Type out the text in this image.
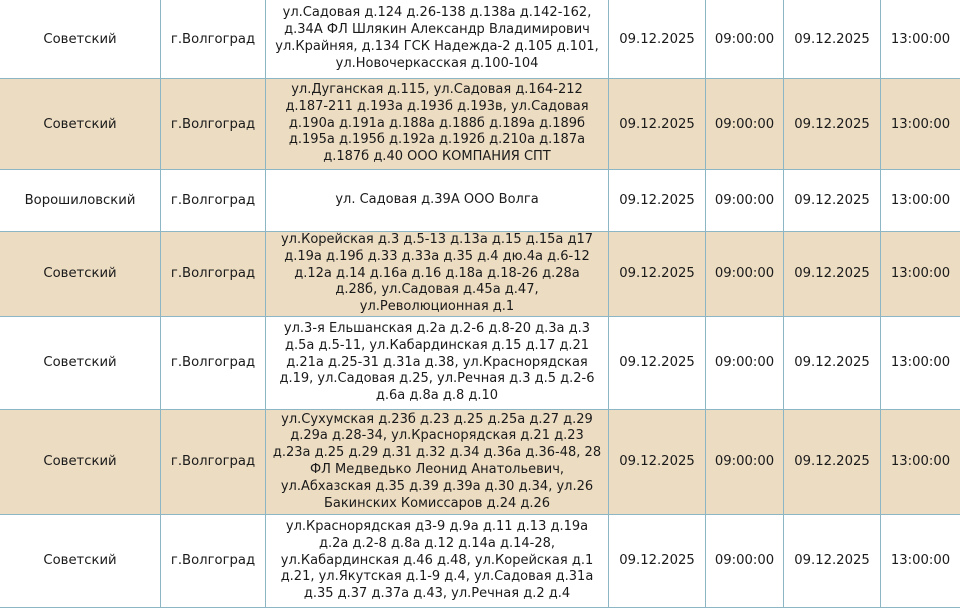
Советский	г.Волгоград	ул.Садовая д.124 д.26-138 д.138а д.142-162, д.34А ФЛ Шлякин Александр Владимирович ул.Крайняя, д.134 ГСК Надежда-2 д.105 д.101, ул.Новочеркасская д.100-104	09.12.2025	09:00:00	09.12.2025	13:00:00
Советский	г.Волгоград	ул.Дуганская д.115, ул.Садовая д.164-212 д.187-211 д.193а д.193б д.193в, ул.Садовая д.190а д.191а д.188а д.188б д.189а д.189б д.195а д.195б д.192а д.192б д.210а д.187а д.187б д.40 ООО КОМПАНИЯ СПТ	09.12.2025	09:00:00	09.12.2025	13:00:00
Ворошиловский	г.Волгоград	ул. Садовая д.39А ООО Волга	09.12.2025	09:00:00	09.12.2025	13:00:00
Советский	г.Волгоград	ул.Корейская д.3 д.5-13 д.13а д.15 д.15а д17 д.19а д.19б д.33 д.33а д.35 д.4 дю.4а д.6-12 д.12а д.14 д.16а д.16 д.18а д.18-26 д.28а д.28б, ул.Садовая д.45а д.47, ул.Революционная д.1	09.12.2025	09:00:00	09.12.2025	13:00:00
Советский	г.Волгоград	ул.3-я Ельшанская д.2а д.2-6 д.8-20 д.3а д.3 д.5а д.5-11, ул.Кабардинская д.15 д.17 д.21 д.21а д.25-31 д.31а д.38, ул.Краснорядская д.19, ул.Садовая д.25, ул.Речная д.3 д.5 д.2-6 д.6а д.8а д.8 д.10	09.12.2025	09:00:00	09.12.2025	13:00:00
Советский	г.Волгоград	ул.Сухумская д.23б д.23 д.25 д.25а д.27 д.29 д.29а д.28-34, ул.Краснорядская д.21 д.23 д.23а д.25 д.29 д.31 д.32 д.34 д.36а д.36-48, 28 ФЛ Медведько Леонид Анатольевич, ул.Абхазская д.35 д.39 д.39а д.30 д.34, ул.26 Бакинских Комиссаров д.24 д.26	09.12.2025	09:00:00	09.12.2025	13:00:00
Советский	г.Волгоград	ул.Краснорядская д3-9 д.9а д.11 д.13 д.19а д.2а д.2-8 д.8а д.12 д.14а д.14-28, ул.Кабардинская д.46 д.48, ул.Корейская д.1 д.21, ул.Якутская д.1-9 д.4, ул.Садовая д.31а д.35 д.37 д.37а д.43, ул.Речная д.2 д.4	09.12.2025	09:00:00	09.12.2025	13:00:00
